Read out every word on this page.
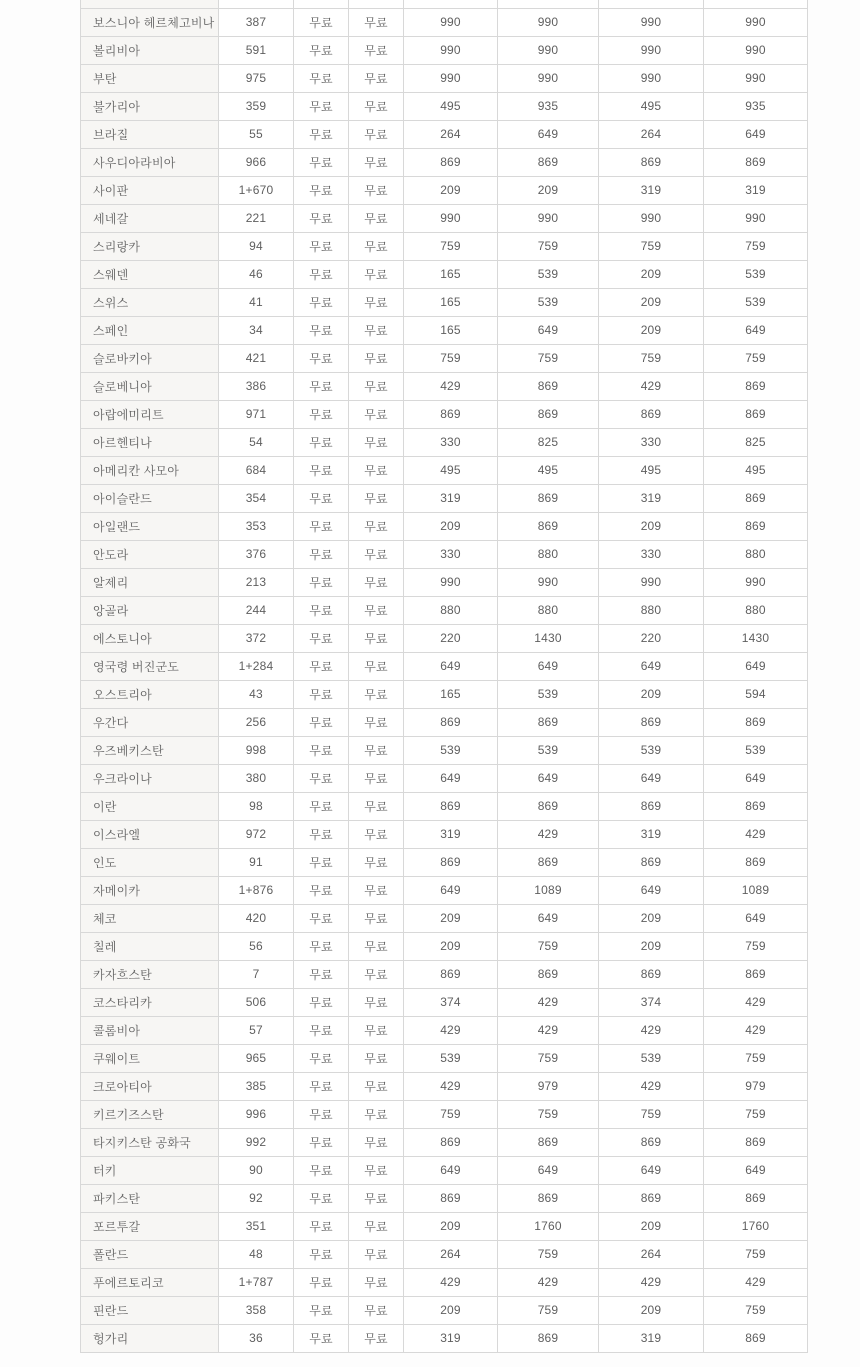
보스니아 헤르체고비나	387	무료	무료	990	990	990	990
볼리비아	591	무료	무료	990	990	990	990
부탄	975	무료	무료	990	990	990	990
불가리아	359	무료	무료	495	935	495	935
브라질	55	무료	무료	264	649	264	649
사우디아라비아	966	무료	무료	869	869	869	869
사이판	1+670	무료	무료	209	209	319	319
세네갈	221	무료	무료	990	990	990	990
스리랑카	94	무료	무료	759	759	759	759
스웨덴	46	무료	무료	165	539	209	539
스위스	41	무료	무료	165	539	209	539
스페인	34	무료	무료	165	649	209	649
슬로바키아	421	무료	무료	759	759	759	759
슬로베니아	386	무료	무료	429	869	429	869
아랍에미리트	971	무료	무료	869	869	869	869
아르헨티나	54	무료	무료	330	825	330	825
아메리칸 사모아	684	무료	무료	495	495	495	495
아이슬란드	354	무료	무료	319	869	319	869
아일랜드	353	무료	무료	209	869	209	869
안도라	376	무료	무료	330	880	330	880
알제리	213	무료	무료	990	990	990	990
앙골라	244	무료	무료	880	880	880	880
에스토니아	372	무료	무료	220	1430	220	1430
영국령 버진군도	1+284	무료	무료	649	649	649	649
오스트리아	43	무료	무료	165	539	209	594
우간다	256	무료	무료	869	869	869	869
우즈베키스탄	998	무료	무료	539	539	539	539
우크라이나	380	무료	무료	649	649	649	649
이란	98	무료	무료	869	869	869	869
이스라엘	972	무료	무료	319	429	319	429
인도	91	무료	무료	869	869	869	869
자메이카	1+876	무료	무료	649	1089	649	1089
체코	420	무료	무료	209	649	209	649
칠레	56	무료	무료	209	759	209	759
카자흐스탄	7	무료	무료	869	869	869	869
코스타리카	506	무료	무료	374	429	374	429
콜롬비아	57	무료	무료	429	429	429	429
쿠웨이트	965	무료	무료	539	759	539	759
크로아티아	385	무료	무료	429	979	429	979
키르기즈스탄	996	무료	무료	759	759	759	759
타지키스탄 공화국	992	무료	무료	869	869	869	869
터키	90	무료	무료	649	649	649	649
파키스탄	92	무료	무료	869	869	869	869
포르투갈	351	무료	무료	209	1760	209	1760
폴란드	48	무료	무료	264	759	264	759
푸에르토리코	1+787	무료	무료	429	429	429	429
핀란드	358	무료	무료	209	759	209	759
헝가리	36	무료	무료	319	869	319	869
